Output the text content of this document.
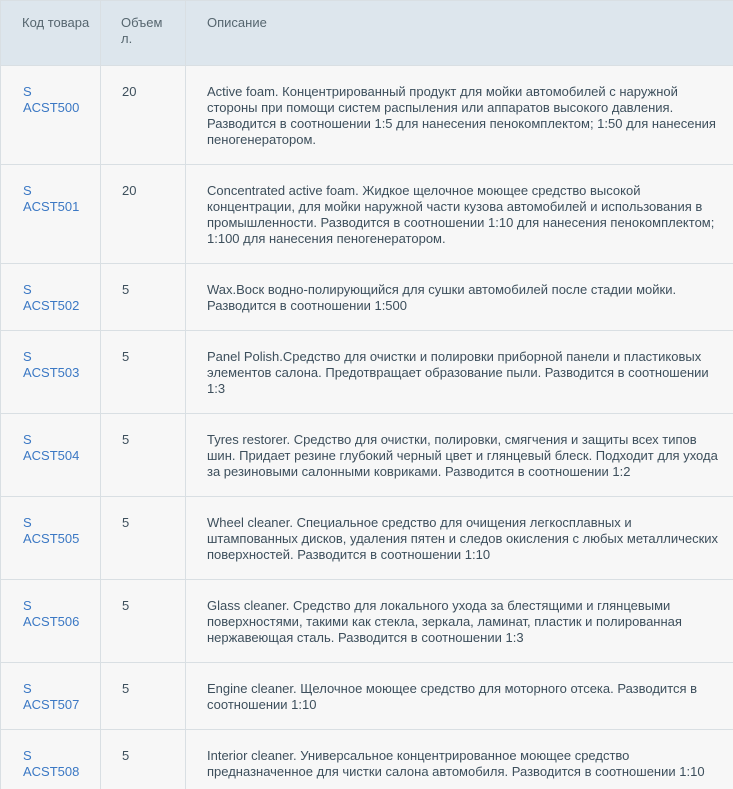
Код товара	Объем л.	Описание

S
ACST500	20	Active foam. Концентрированный продукт для мойки автомобилей с наружной стороны при помощи систем распыления или аппаратов высокого давления. Разводится в соотношении 1:5 для нанесения пенокомплектом; 1:50 для нанесения пеногенератором.

S
ACST501	20	Concentrated active foam. Жидкое щелочное моющее средство высокой концентрации, для мойки наружной части кузова автомобилей и использования в промышленности. Разводится в соотношении 1:10 для нанесения пенокомплектом; 1:100 для нанесения пеногенератором.

S
ACST502	5	Wax.Воск водно-полирующийся для сушки автомобилей после стадии мойки. Разводится в соотношении 1:500

S
ACST503	5	Panel Polish.Средство для очистки и полировки приборной панели и пластиковых элементов салона. Предотвращает образование пыли. Разводится в соотношении 1:3

S
ACST504	5	Tyres restorer. Средство для очистки, полировки, смягчения и защиты всех типов шин. Придает резине глубокий черный цвет и глянцевый блеск. Подходит для ухода за резиновыми салонными ковриками. Разводится в соотношении 1:2

S
ACST505	5	Wheel cleaner. Специальное средство для очищения легкосплавных и штампованных дисков, удаления пятен и следов окисления с любых металлических поверхностей. Разводится в соотношении 1:10

S
ACST506	5	Glass cleaner. Средство для локального ухода за блестящими и глянцевыми поверхностями, такими как стекла, зеркала, ламинат, пластик и полированная нержавеющая сталь. Разводится в соотношении 1:3

S
ACST507	5	Engine cleaner. Щелочное моющее средство для моторного отсека. Разводится в соотношении 1:10

S
ACST508	5	Interior cleaner. Универсальное концентрированное моющее средство предназначенное для чистки салона автомобиля. Разводится в соотношении 1:10
